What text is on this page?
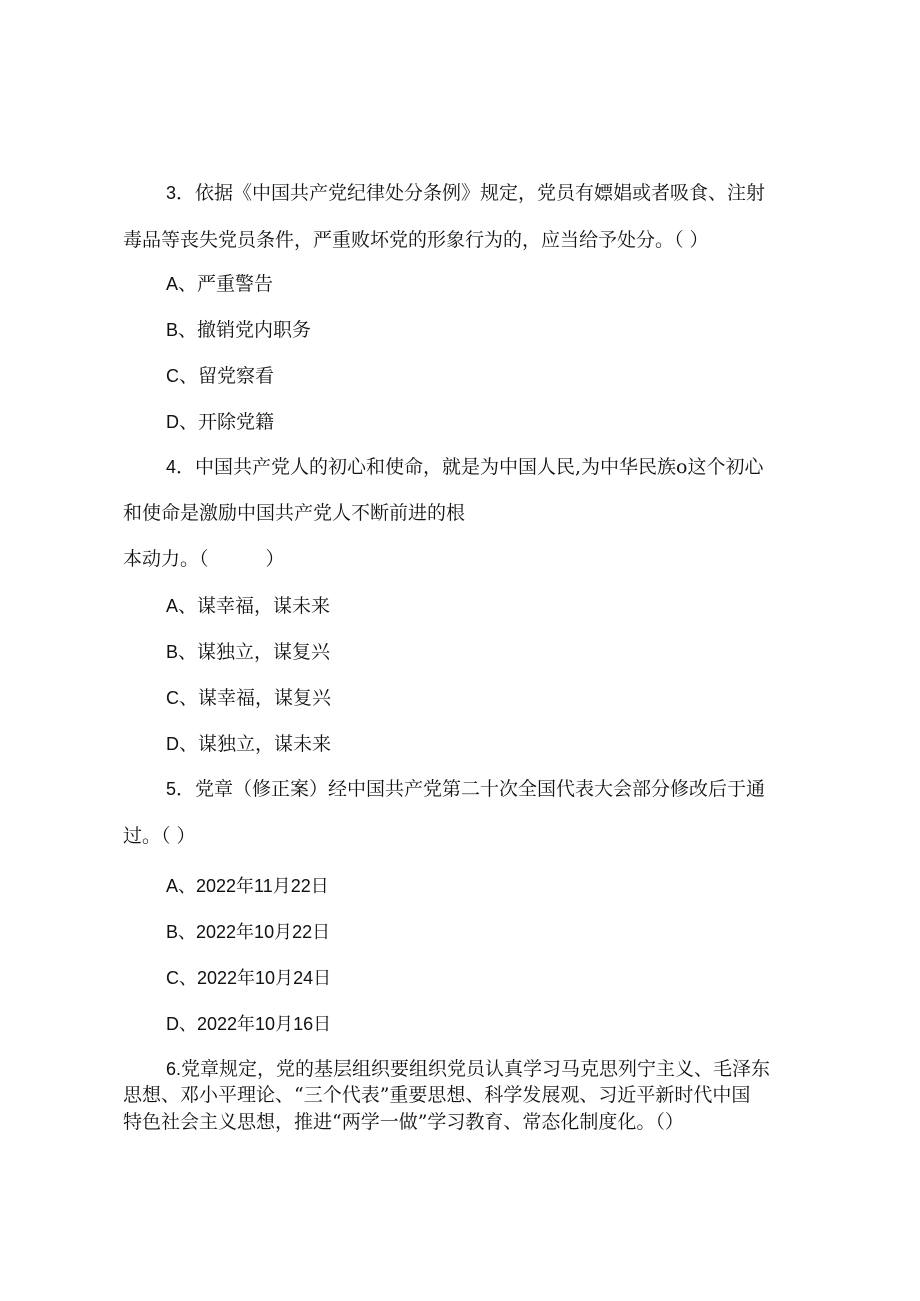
3．依据《中国共产党纪律处分条例》规定，党员有嫖娼或者吸食、注射
毒品等丧失党员条件，严重败坏党的形象行为的，应当给予处分。（ ）
A、严重警告
B、撤销党内职务
C、留党察看
D、开除党籍
4．中国共产党人的初心和使命，就是为中国人民,为中华民族o这个初心
和使命是激励中国共产党人不断前进的根
本动力。（　　　）
A、谋幸福，谋未来
B、谋独立，谋复兴
C、谋幸福，谋复兴
D、谋独立，谋未来
5．党章（修正案）经中国共产党第二十次全国代表大会部分修改后于通
过。（ ）
A、2022年11月22日
B、2022年10月22日
C、2022年10月24日
D、2022年10月16日
6.党章规定，党的基层组织要组织党员认真学习马克思列宁主义、毛泽东
思想、邓小平理论、“三个代表”重要思想、科学发展观、习近平新时代中国
特色社会主义思想，推进“两学一做”学习教育、常态化制度化。（）
